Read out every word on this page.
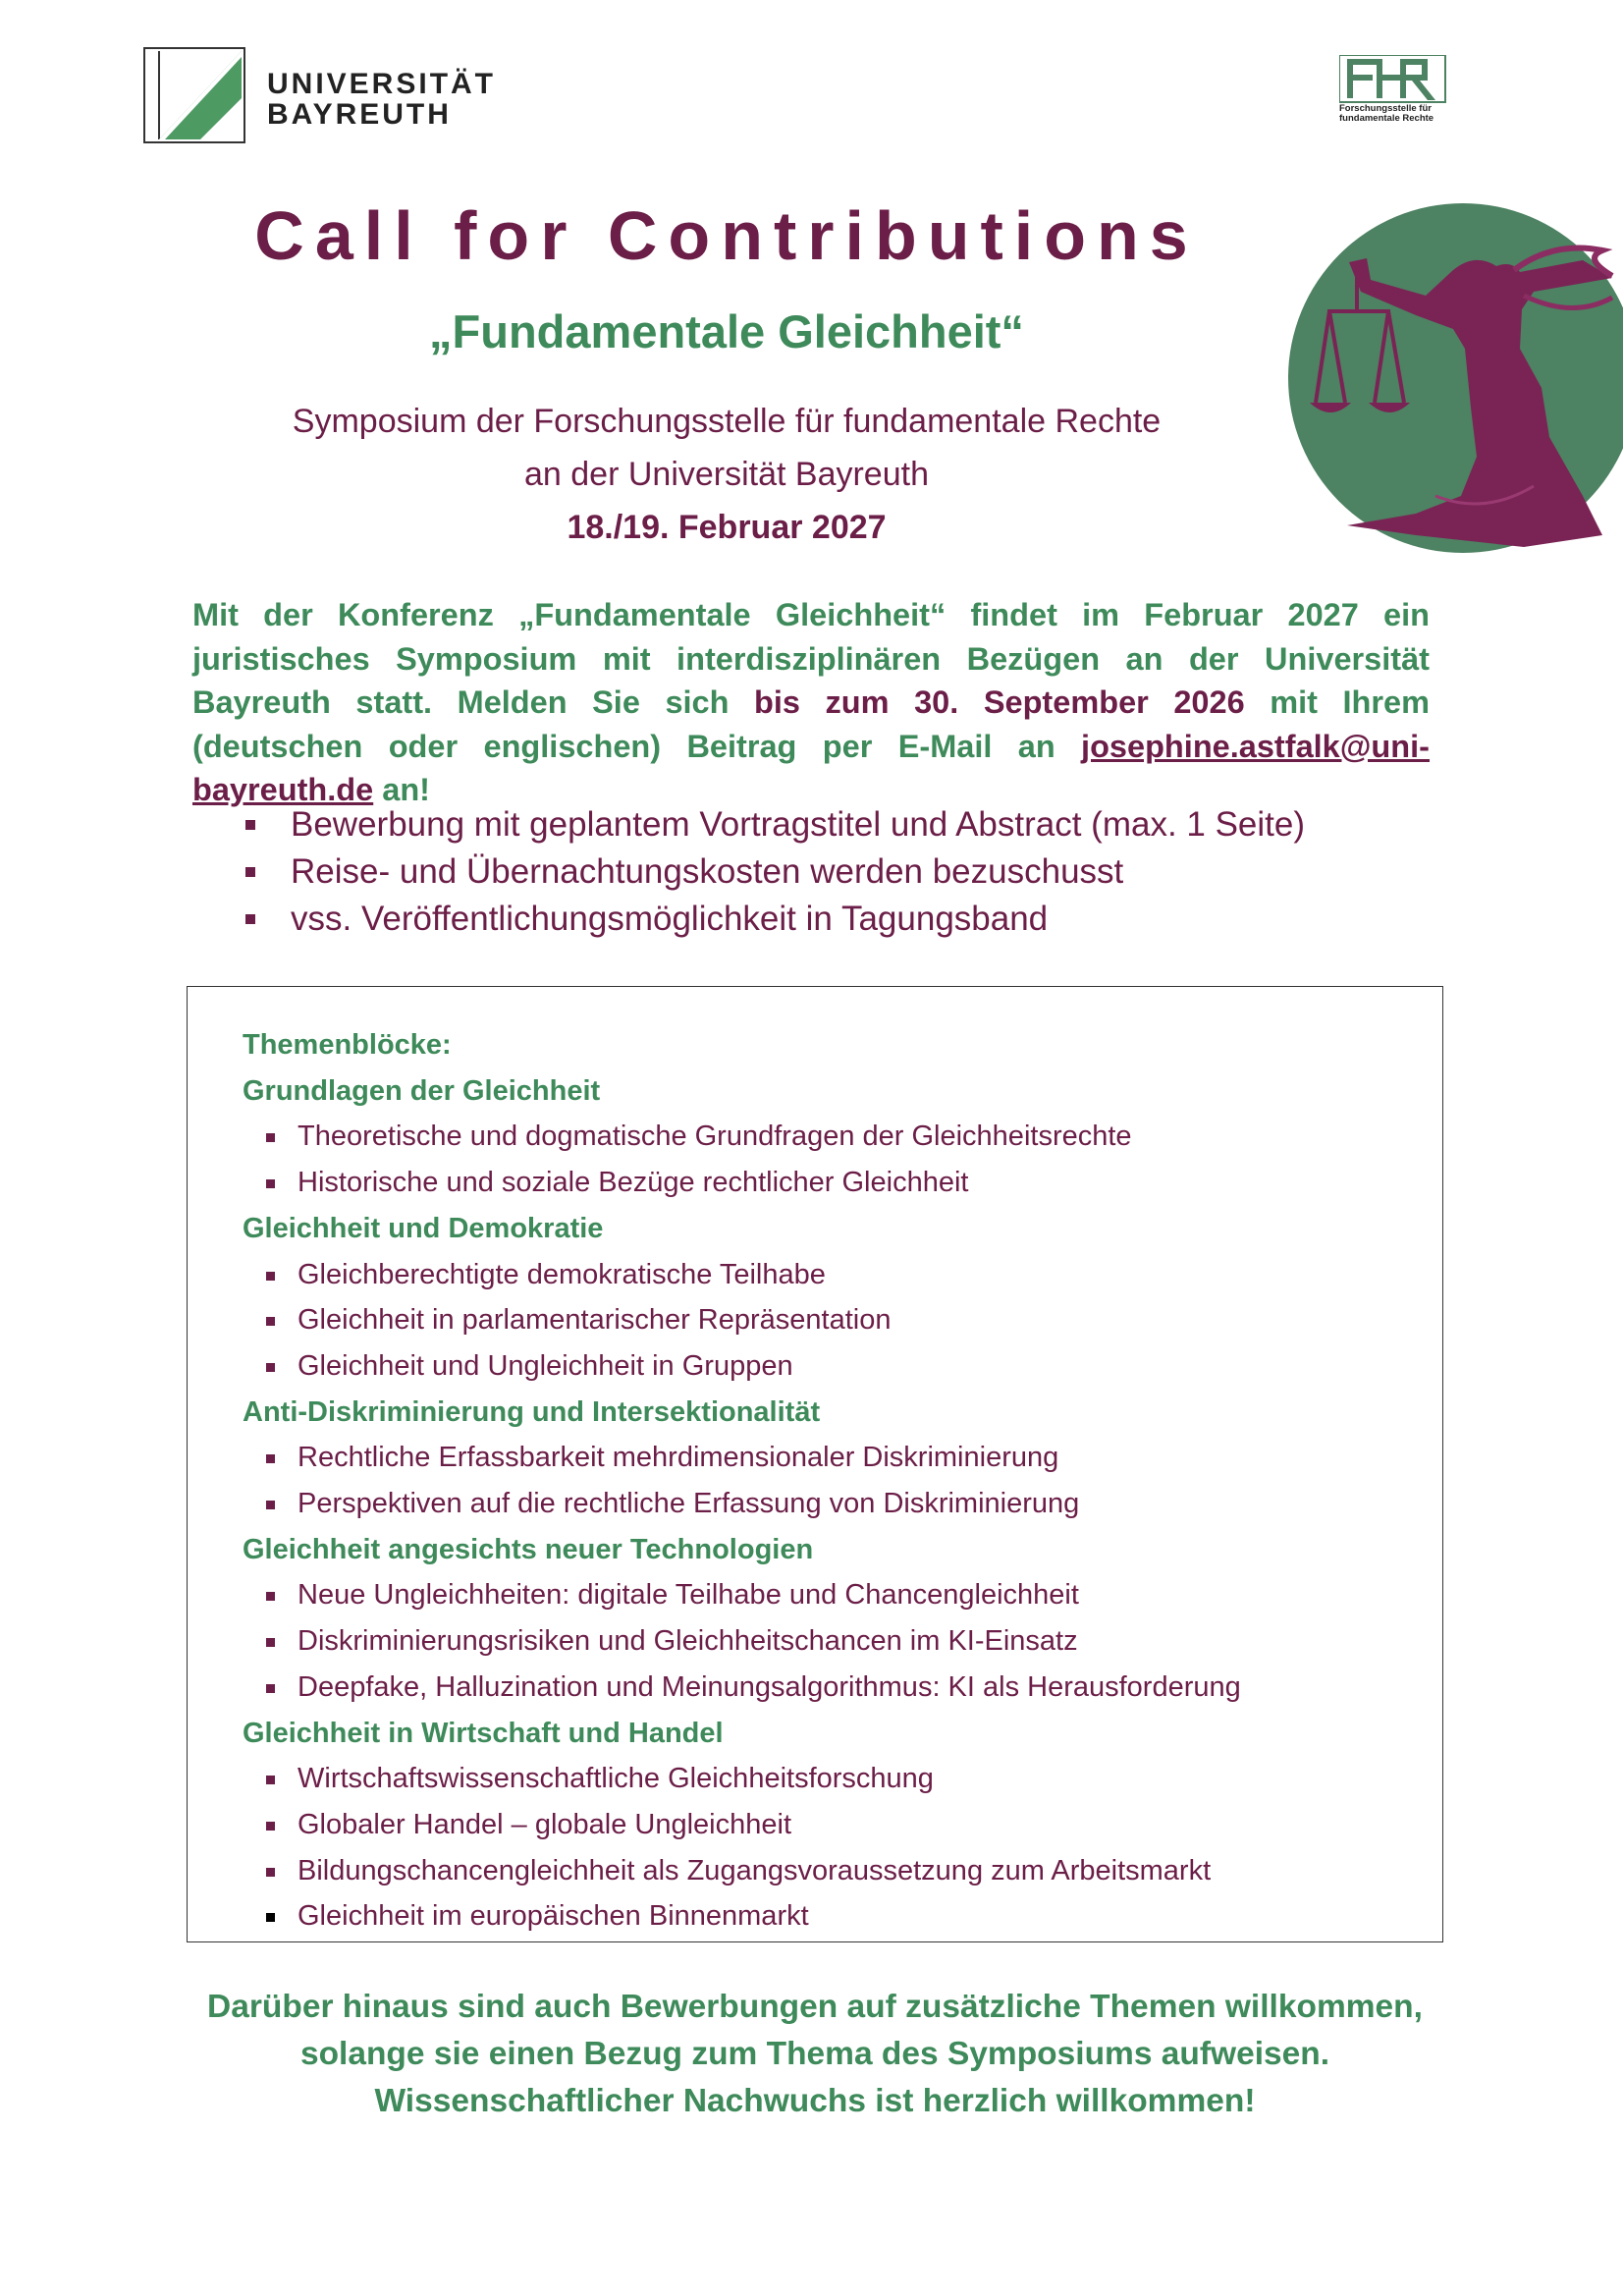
UNIVERSITÄT
BAYREUTH	Forschungsstelle für
fundamentale Rechte
Call for Contributions
„Fundamentale Gleichheit“
Symposium der Forschungsstelle für fundamentale Rechte
an der Universität Bayreuth
18./19. Februar 2027
Mit der Konferenz „Fundamentale Gleichheit“ findet im Februar 2027 ein juristisches Symposium mit interdisziplinären Bezügen an der Universität Bayreuth statt. Melden Sie sich bis zum 30. September 2026 mit Ihrem (deutschen oder englischen) Beitrag per E-Mail an josephine.astfalk@uni-bayreuth.de an!
Bewerbung mit geplantem Vortragstitel und Abstract (max. 1 Seite)
Reise- und Übernachtungskosten werden bezuschusst
vss. Veröffentlichungsmöglichkeit in Tagungsband
Themenblöcke:
Grundlagen der Gleichheit
Theoretische und dogmatische Grundfragen der Gleichheitsrechte
Historische und soziale Bezüge rechtlicher Gleichheit
Gleichheit und Demokratie
Gleichberechtigte demokratische Teilhabe
Gleichheit in parlamentarischer Repräsentation
Gleichheit und Ungleichheit in Gruppen
Anti-Diskriminierung und Intersektionalität
Rechtliche Erfassbarkeit mehrdimensionaler Diskriminierung
Perspektiven auf die rechtliche Erfassung von Diskriminierung
Gleichheit angesichts neuer Technologien
Neue Ungleichheiten: digitale Teilhabe und Chancengleichheit
Diskriminierungsrisiken und Gleichheitschancen im KI-Einsatz
Deepfake, Halluzination und Meinungsalgorithmus: KI als Herausforderung
Gleichheit in Wirtschaft und Handel
Wirtschaftswissenschaftliche Gleichheitsforschung
Globaler Handel – globale Ungleichheit
Bildungschancengleichheit als Zugangsvoraussetzung zum Arbeitsmarkt
Gleichheit im europäischen Binnenmarkt
Darüber hinaus sind auch Bewerbungen auf zusätzliche Themen willkommen,
solange sie einen Bezug zum Thema des Symposiums aufweisen.
Wissenschaftlicher Nachwuchs ist herzlich willkommen!
